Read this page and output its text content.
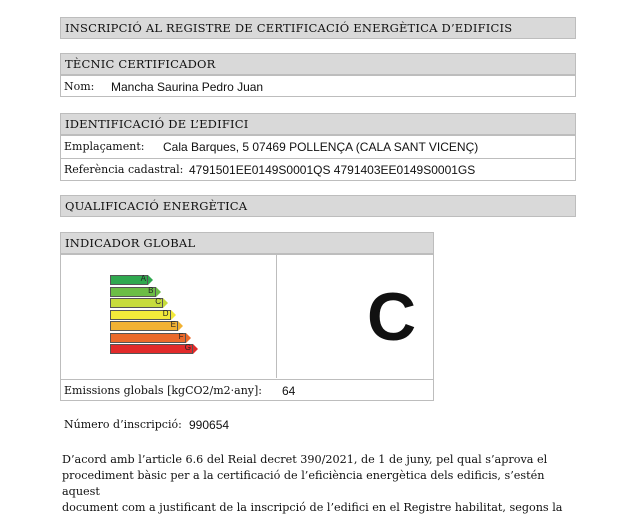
INSCRIPCIÓ AL REGISTRE DE CERTIFICACIÓ ENERGÈTICA D’EDIFICIS
TÈCNIC CERTIFICADOR
Nom: Mancha Saurina Pedro Juan
IDENTIFICACIÓ DE L’EDIFICI
Emplaçament: Cala Barques, 5 07469 POLLENÇA (CALA SANT VICENÇ)
Referència cadastral: 4791501EE0149S0001QS 4791403EE0149S0001GS
QUALIFICACIÓ ENERGÈTICA
INDICADOR GLOBAL
A
B
C
D
E
F
G	C
Emissions globals [kgCO2/m2·any]: 64
Número d’inscripció: 990654
D’acord amb l’article 6.6 del Reial decret 390/2021, de 1 de juny, pel qual s’aprova el
procediment bàsic per a la certificació de l’eficiència energètica dels edificis, s’estén aquest
document com a justificant de la inscripció de l’edifici en el Registre habilitat, segons la
